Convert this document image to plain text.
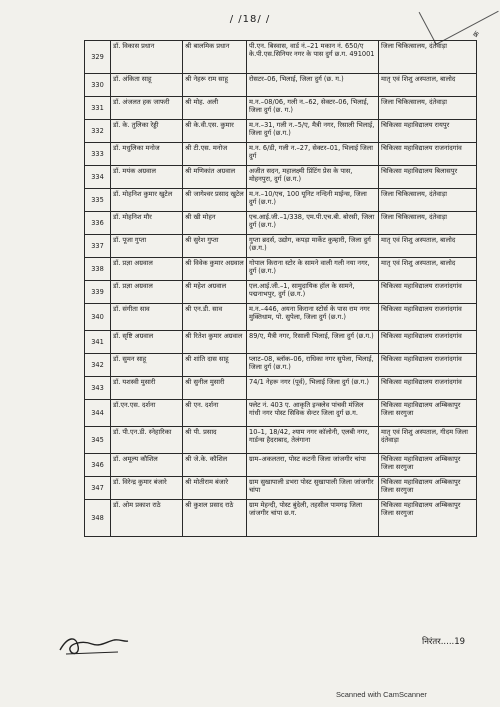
/ /18/ /
क्र
329	डॉ. विकास प्रधान	श्री बालमिक प्रधान	पी.एन. बिस्वास, वार्ड नं.–21 मकान नं. 650/ए के.पी.एस.सिनियर नगर के पास दुर्ग छ.ग. 491001	जिला चिकित्सालय, दंतेवाड़ा
330	डॉ. अंकिता साहू	श्री नेहरू राम साहू	रोसटर–06, भिलाई, जिला दुर्ग (छ. ग.)	मातृ एवं शिशु अस्पताल, बालोद
331	डॉ. अंजलत हक जाफरी	श्री मोह. अली	म.न.–08/06, गली न.–62, सेक्टर–06, भिलाई, जिला दुर्ग (छ. ग.)	जिला चिकित्सालय, दंतेवाड़ा
332	डॉ. के. तुलिका रेड्डी	श्री के.वी.एस. कुमार	म.न.–31, गली न.–5/ए, मैत्री नगर, रिसाली भिलाई, जिला दुर्ग (छ.ग.)	चिकित्सा महाविद्यालय रायपुर
333	डॉ. मधुलिका मनोज	श्री टी.एस. मनोज	म.न. 6/डी, गली न.–27, सेक्टर–01, भिलाई जिला दुर्ग	चिकित्सा महाविद्यालय राजनांदगांव
334	डॉ. मयंक अग्रवाल	श्री मणिकांत अग्रवाल	अजीत सदन, महालक्ष्मी प्रिंटिंग प्रेस के पास, मोहनपुरा, दुर्ग (छ.ग.)	चिकित्सा महाविद्यालय बिलासपुर
335	डॉ. मोहनिश कुमार खुटेल	श्री जागेश्वर प्रसाद खुटेल	म.न.–10/एच, 100 यूनिट नन्दिनी माईन्स, जिला दुर्ग (छ.ग.)	जिला चिकित्सालय, दंतेवाड़ा
336	डॉ. मोहनिश मौर	श्री खी मोहन	एच.आई.जी.–1/338, एम.पी.एच.बी. बोरसी, जिला दुर्ग (छ.ग.)	जिला चिकित्सालय, दंतेवाड़ा
337	डॉ. पूजा गुप्ता	श्री सुरेश गुप्ता	गुप्ता ब्रदर्स, उद्योग, कपड़ा मार्केट कुम्हारी, जिला दुर्ग (छ.ग.)	मातृ एवं शिशु अस्पताल, बालोद
338	डॉ. प्रज्ञा अग्रवाल	श्री विवेक कुमार अग्रवाल	गोपाल किराना स्टोर के सामने वाली गली नया नगर, दुर्ग (छ.ग.)	मातृ एवं शिशु अस्पताल, बालोद
339	डॉ. प्रज्ञा अग्रवाल	श्री महेश अग्रवाल	एल.आई.जी.–1, सामुदायिक हॉल के सामने, पद्मनाभपुर, दुर्ग (छ.ग.)	चिकित्सा महाविद्यालय राजनांदगांव
340	डॉ. संगीता साव	श्री एन.डी. साव	म.न.–446, अयना किराना स्टोर्स के पास राम नगर मुक्तिधाम, पो. सुपेला, जिला दुर्ग (छ.ग.)	चिकित्सा महाविद्यालय राजनांदगांव
341	डॉ. सृष्टि अग्रवाल	श्री रितेश कुमार अग्रवाल	89/ए, मैत्री नगर, रिसाली भिलाई, जिला दुर्ग (छ.ग.)	चिकित्सा महाविद्यालय राजनांदगांव
342	डॉ. सुमन साहू	श्री शांति दास साहू	प्लाट–08, ब्लॉक–06, राधिका नगर सुपेला, भिलाई, जिला दुर्ग (छ.ग.)	चिकित्सा महाविद्यालय राजनांदगांव
343	डॉ. यशस्वी मुसारी	श्री सुनील मुसारी	74/1 नेहरू नगर (पूर्व), भिलाई जिला दुर्ग (छ.ग.)	चिकित्सा महाविद्यालय राजनांदगांव
344	डॉ.एन.एस. दर्शना	श्री एन. दर्शना	फ्लेट नं. 403 ए. आकृति इन्क्लेव पांचवी मंजिल गांधी नगर पोस्ट सिविक सेन्टर जिला दुर्ग छ.ग.	चिकित्सा महाविद्यालय अम्बिकापुर जिला सरगुजा
345	डॉ. पी.एन.डी. स्नेहारिका	श्री पी. प्रसाद	10–1, 18/42, श्याम नगर कॉलोनी, एलबी नगर, गार्डन्स हैदराबाद, तेलंगाना	मातृ एवं शिशु अस्पताल, गीदम जिला दंतेवाड़ा
346	डॉ. अमूल्य कौशिल	श्री जे.के. कौशिल	ग्राम–अकलतरा, पोस्ट कटनी जिला जांजगीर चांपा	चिकित्सा महाविद्यालय अम्बिकापुर जिला सरगुजा
347	डॉ. विरेन्द्र कुमार बंजारे	श्री मोतीराम बंजारे	ग्राम सुखापाली डभरा पोस्ट सुखापाली जिला जांजगीर चांपा	चिकित्सा महाविद्यालय अम्बिकापुर जिला सरगुजा
348	डॉ. ओम प्रकाश राठे	श्री कुशल प्रसाद राठे	ग्राम मेहन्दी, पोस्ट बुंदेली, तहसील पामगढ़ जिला जांजगीर चांपा छ.ग.	चिकित्सा महाविद्यालय अम्बिकापुर जिला सरगुजा
निरंतर.....19
Scanned with CamScanner
